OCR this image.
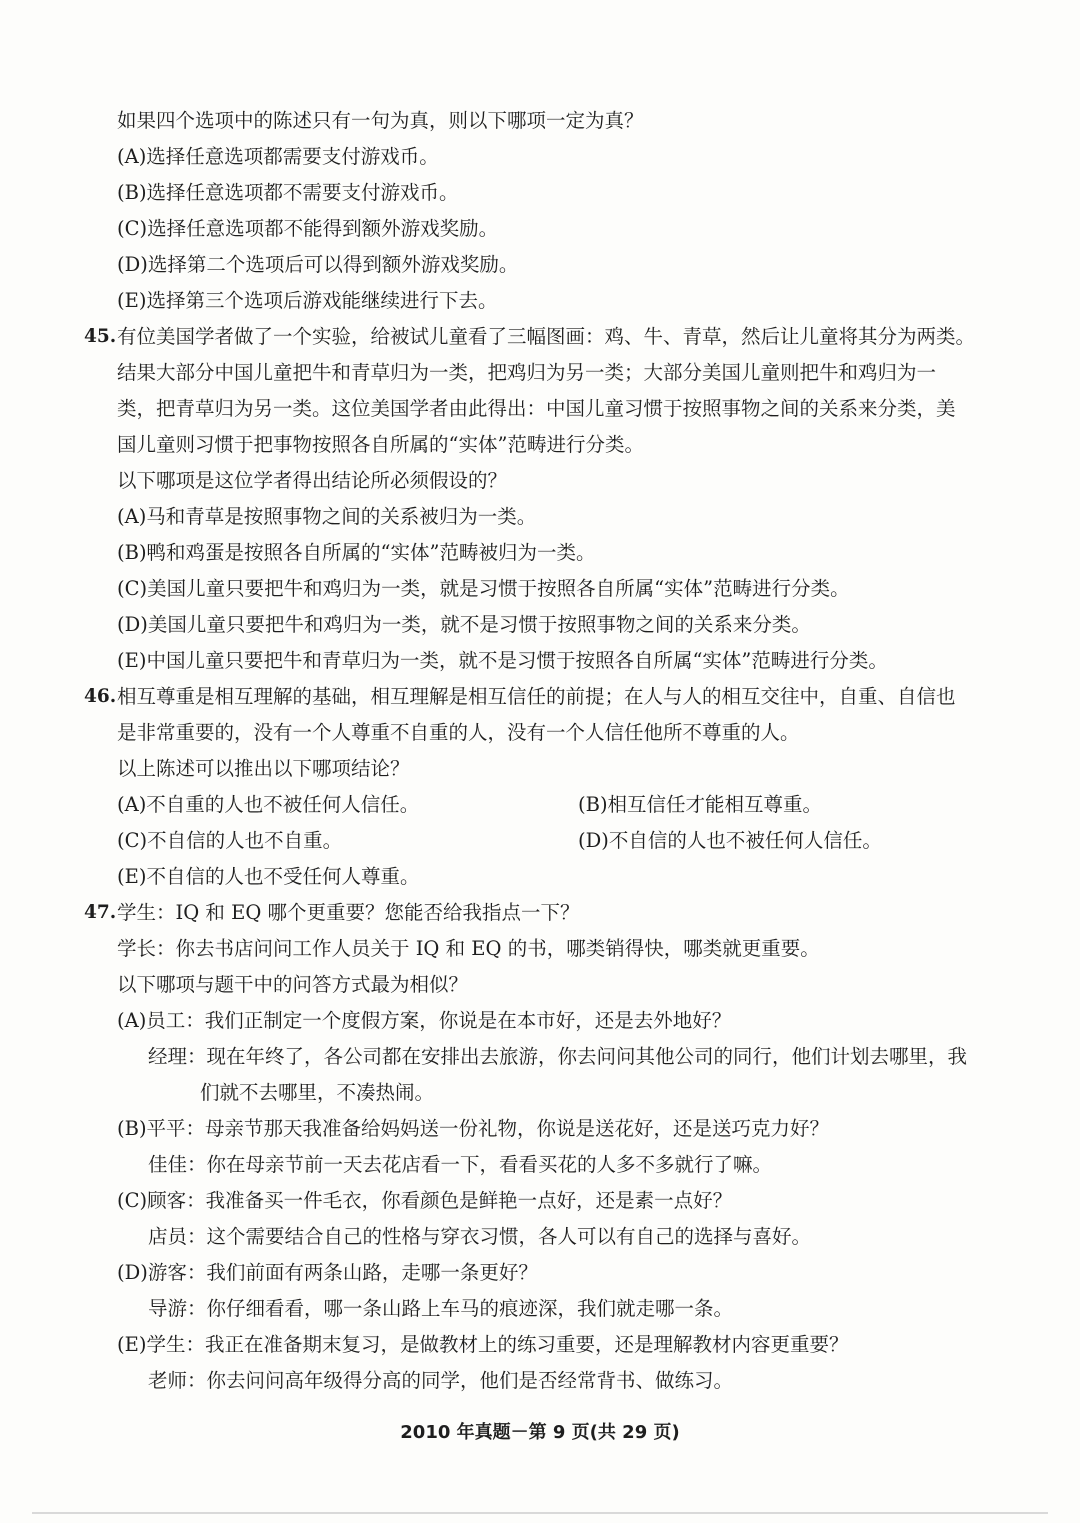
如果四个选项中的陈述只有一句为真，则以下哪项一定为真？
(A)选择任意选项都需要支付游戏币。
(B)选择任意选项都不需要支付游戏币。
(C)选择任意选项都不能得到额外游戏奖励。
(D)选择第二个选项后可以得到额外游戏奖励。
(E)选择第三个选项后游戏能继续进行下去。
45. 有位美国学者做了一个实验，给被试儿童看了三幅图画：鸡、牛、青草，然后让儿童将其分为两类。
结果大部分中国儿童把牛和青草归为一类，把鸡归为另一类；大部分美国儿童则把牛和鸡归为一
类，把青草归为另一类。这位美国学者由此得出：中国儿童习惯于按照事物之间的关系来分类，美
国儿童则习惯于把事物按照各自所属的“实体”范畴进行分类。
以下哪项是这位学者得出结论所必须假设的？
(A)马和青草是按照事物之间的关系被归为一类。
(B)鸭和鸡蛋是按照各自所属的“实体”范畴被归为一类。
(C)美国儿童只要把牛和鸡归为一类，就是习惯于按照各自所属“实体”范畴进行分类。
(D)美国儿童只要把牛和鸡归为一类，就不是习惯于按照事物之间的关系来分类。
(E)中国儿童只要把牛和青草归为一类，就不是习惯于按照各自所属“实体”范畴进行分类。
46. 相互尊重是相互理解的基础，相互理解是相互信任的前提；在人与人的相互交往中，自重、自信也
是非常重要的，没有一个人尊重不自重的人，没有一个人信任他所不尊重的人。
以上陈述可以推出以下哪项结论？
(A)不自重的人也不被任何人信任。	(B)相互信任才能相互尊重。
(C)不自信的人也不自重。	(D)不自信的人也不被任何人信任。
(E)不自信的人也不受任何人尊重。
47. 学生：IQ 和 EQ 哪个更重要？您能否给我指点一下？
学长：你去书店问问工作人员关于 IQ 和 EQ 的书，哪类销得快，哪类就更重要。
以下哪项与题干中的问答方式最为相似？
(A)员工：我们正制定一个度假方案，你说是在本市好，还是去外地好？
经理：现在年终了，各公司都在安排出去旅游，你去问问其他公司的同行，他们计划去哪里，我
们就不去哪里，不凑热闹。
(B)平平：母亲节那天我准备给妈妈送一份礼物，你说是送花好，还是送巧克力好？
佳佳：你在母亲节前一天去花店看一下，看看买花的人多不多就行了嘛。
(C)顾客：我准备买一件毛衣，你看颜色是鲜艳一点好，还是素一点好？
店员：这个需要结合自己的性格与穿衣习惯，各人可以有自己的选择与喜好。
(D)游客：我们前面有两条山路，走哪一条更好？
导游：你仔细看看，哪一条山路上车马的痕迹深，我们就走哪一条。
(E)学生：我正在准备期末复习，是做教材上的练习重要，还是理解教材内容更重要？
老师：你去问问高年级得分高的同学，他们是否经常背书、做练习。
2010 年真题－第 9 页(共 29 页)
